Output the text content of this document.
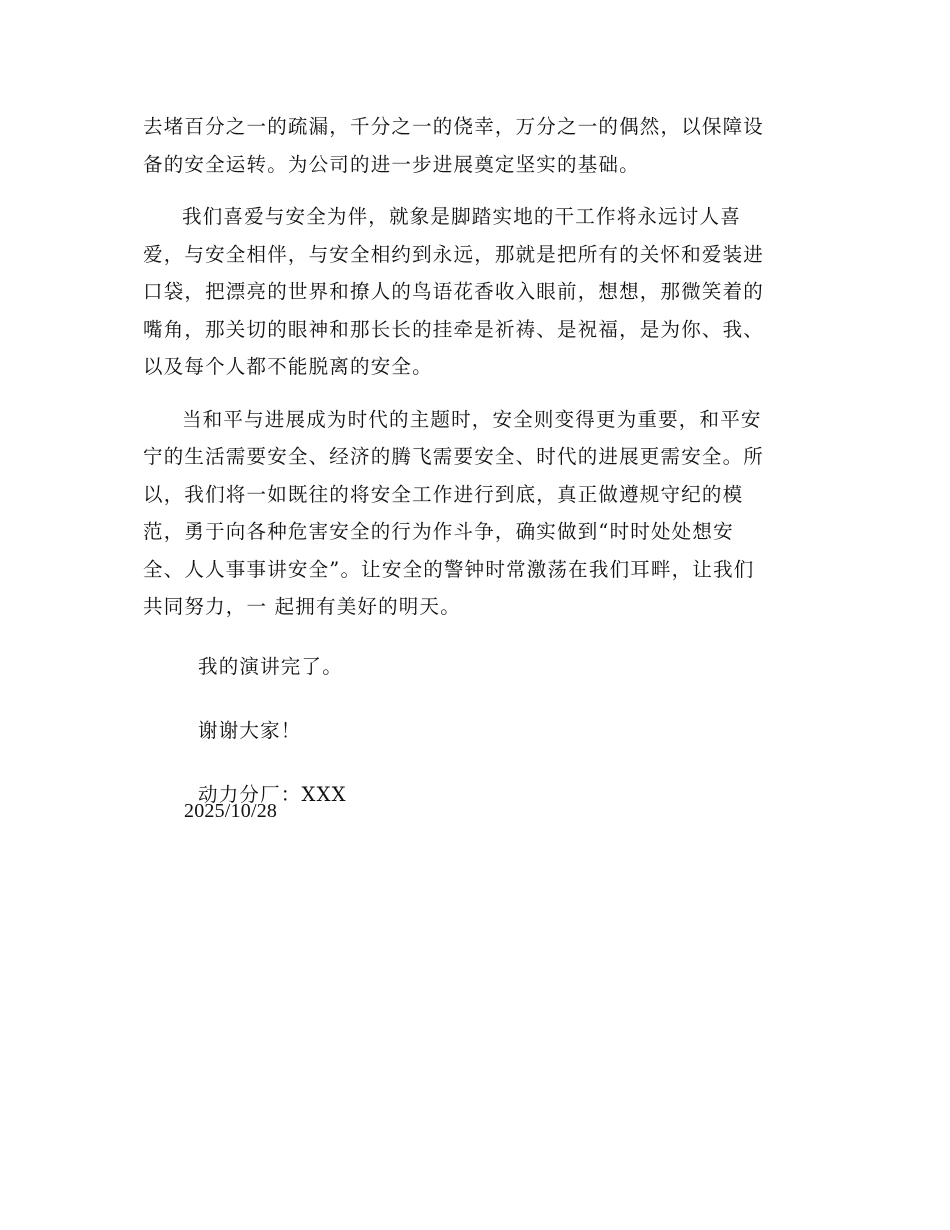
去堵百分之一的疏漏，千分之一的侥幸，万分之一的偶然，以保障设
备的安全运转。为公司的进一步进展奠定坚实的基础。

我们喜爱与安全为伴，就象是脚踏实地的干工作将永远讨人喜
爱，与安全相伴，与安全相约到永远，那就是把所有的关怀和爱装进
口袋，把漂亮的世界和撩人的鸟语花香收入眼前，想想，那微笑着的
嘴角，那关切的眼神和那长长的挂牵是祈祷、是祝福，是为你、我、
以及每个人都不能脱离的安全。

当和平与进展成为时代的主题时，安全则变得更为重要，和平安
宁的生活需要安全、经济的腾飞需要安全、时代的进展更需安全。所
以，我们将一如既往的将安全工作进行到底，真正做遵规守纪的模
范，勇于向各种危害安全的行为作斗争，确实做到“时时处处想安
全、人人事事讲安全”。让安全的警钟时常激荡在我们耳畔，让我们
共同努力，一 起拥有美好的明天。

我的演讲完了。

谢谢大家！

动力分厂：XXX

2025/10/28
